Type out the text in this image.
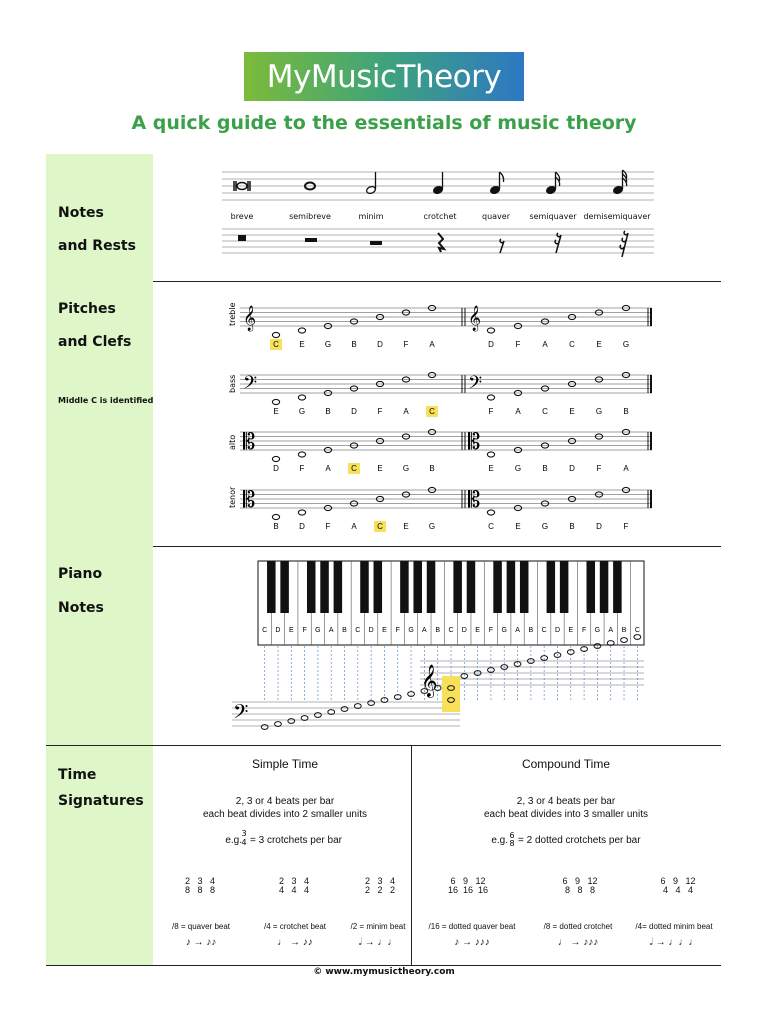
MyMusicTheory
A quick guide to the essentials of music theory
Notes
and Rests
Pitches
and Clefs
Middle C is identified
Piano
Notes
Time
Signatures
breve	semibreve	minim	crotchet	quaver semiquaver demisemiquaver
treble 𝄞	𝄞
C	E	G	B	D	F	A	D	F	A	C	E	G
bass 𝄢	𝄢
E	G	B	D	F	A	C	F	A	C	E	G	B
alto 𝄡	𝄡
D	F	A	C	E	G	B	E	G	B	D	F	A
tenor 𝄡	𝄡
B	D	F	A	C	E	G	C	E	G	B	D	F
C D E F G A B C D E F G A B C D E F G A B C D E F G A B C
𝄞
𝄢
3
4
6
8
Simple Time
2, 3 or 4 beats per bar
each beat divides into 2 smaller units
e.g. = 3 crotchets per bar
Compound Time
2, 3 or 4 beats per bar
each beat divides into 3 smaller units
e.g. = 2 dotted crotchets per bar
2   3   4
8   8   8
2   3   4
4   4   4
2   3   4
2   2   2
/8 = quaver beat	/4 = crotchet beat	/2 = minim beat
♪ → ♪♪	♩ → ♪♪	𝅗𝅥 → ♩♩
6   9   12
16  16  16
6   9   12
8   8   8
6   9   12
4   4   4
/16 = dotted quaver beat	/8 = dotted crotchet	/4= dotted minim beat
♪ → ♪♪♪	♩ → ♪♪♪	𝅗𝅥 → ♩♩♩
© www.mymusictheory.com
